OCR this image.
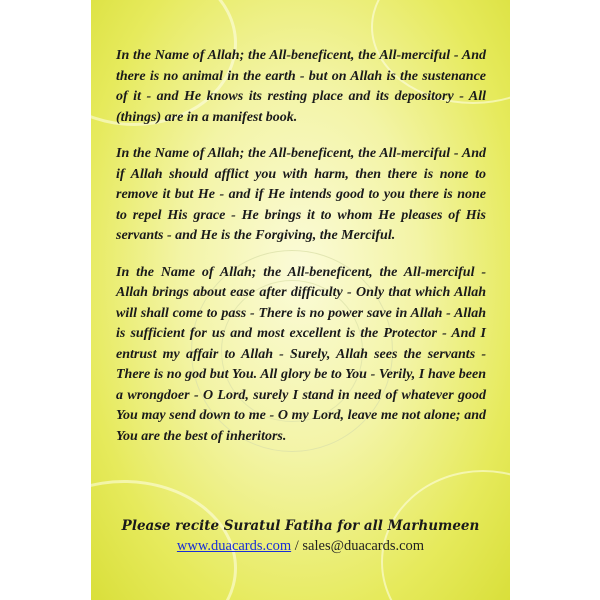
In the Name of Allah; the All-beneficent, the All-merciful - And there is no animal in the earth - but on Allah is the sustenance of it - and He knows its resting place and its depository - All (things) are in a manifest book.

In the Name of Allah; the All-beneficent, the All-merciful - And if Allah should afflict you with harm, then there is none to remove it but He - and if He intends good to you there is none to repel His grace - He brings it to whom He pleases of His servants - and He is the Forgiving, the Merciful.

In the Name of Allah; the All-beneficent, the All-merciful - Allah brings about ease after difficulty - Only that which Allah will shall come to pass - There is no power save in Allah - Allah is sufficient for us and most excellent is the Protector - And I entrust my affair to Allah - Surely, Allah sees the servants - There is no god but You. All glory be to You - Verily, I have been a wrongdoer - O Lord, surely I stand in need of whatever good You may send down to me - O my Lord, leave me not alone; and You are the best of inheritors.

Please recite Suratul Fatiha for all Marhumeen
www.duacards.com / sales@duacards.com
